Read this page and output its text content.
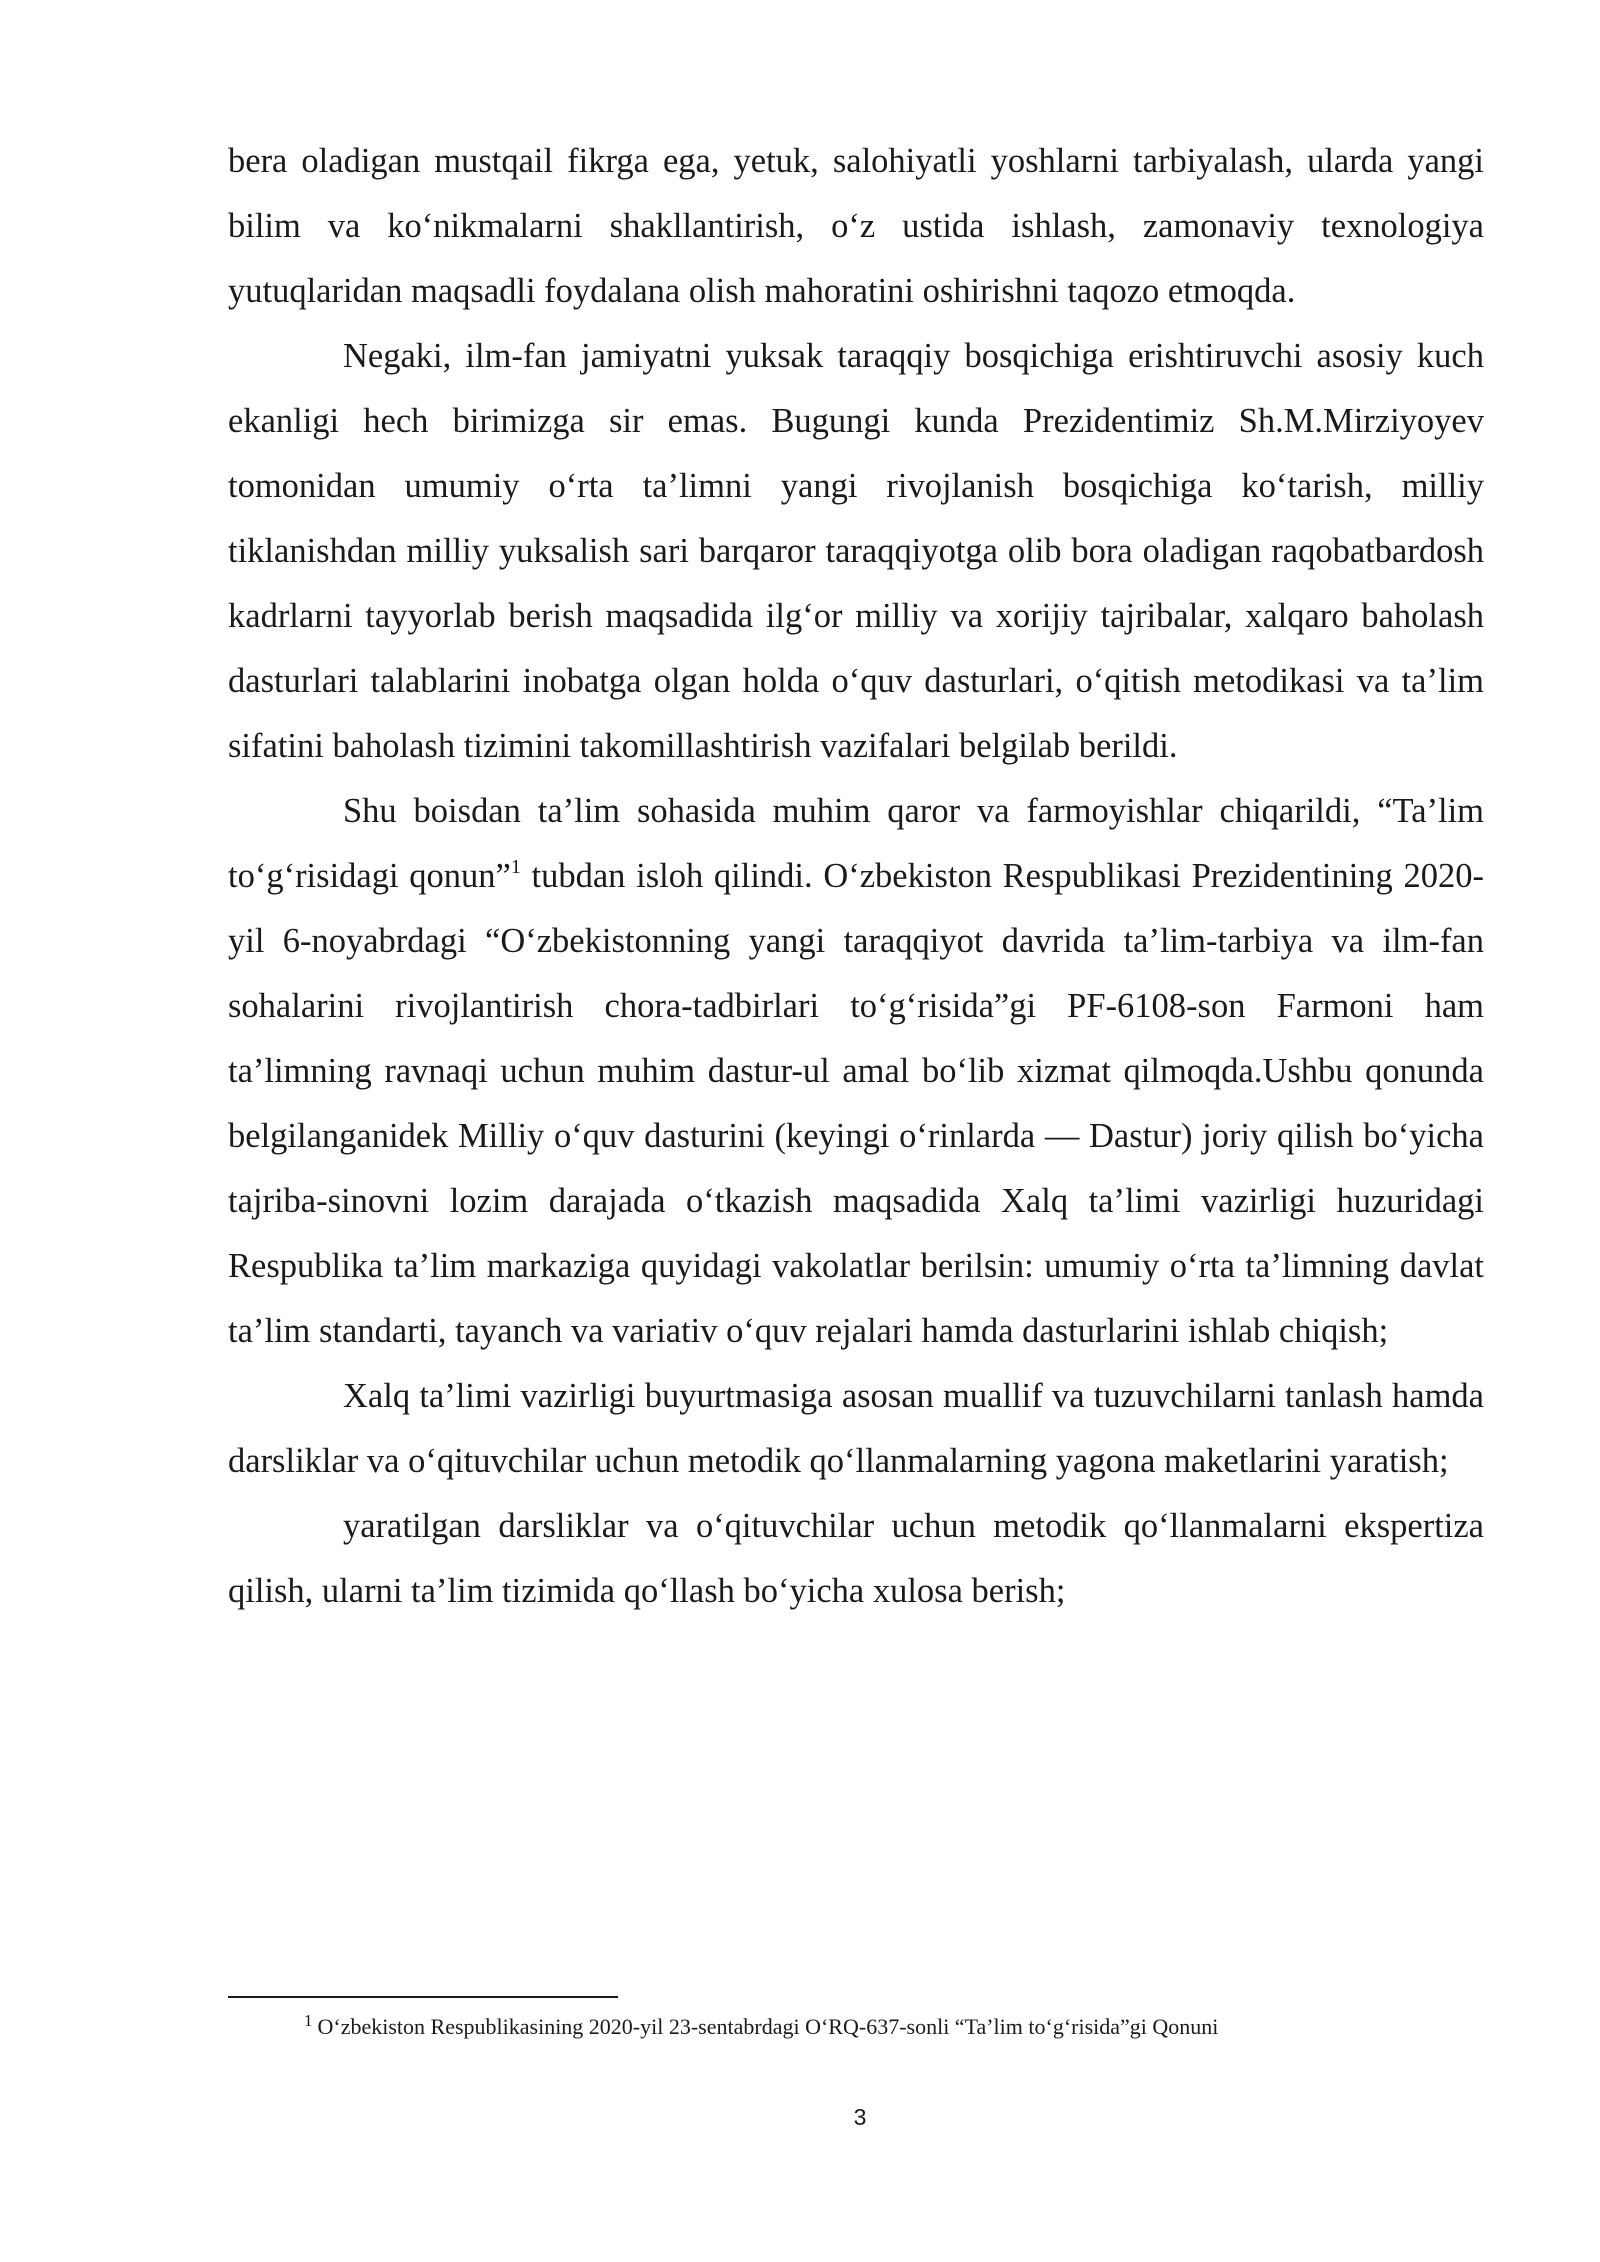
bera oladigan mustqail fikrga ega, yetuk, salohiyatli yoshlarni tarbiyalash, ularda yangi bilim va ko‘nikmalarni shakllantirish, o‘z ustida ishlash, zamonaviy texnologiya yutuqlaridan maqsadli foydalana olish mahoratini oshirishni taqozo etmoqda.

Negaki, ilm-fan jamiyatni yuksak taraqqiy bosqichiga erishtiruvchi asosiy kuch ekanligi hech birimizga sir emas. Bugungi kunda Prezidentimiz Sh.M.Mirziyoyev tomonidan umumiy o‘rta ta’limni yangi rivojlanish bosqichiga ko‘tarish, milliy tiklanishdan milliy yuksalish sari barqaror taraqqiyotga olib bora oladigan raqobatbardosh kadrlarni tayyorlab berish maqsadida ilg‘or milliy va xorijiy tajribalar, xalqaro baholash dasturlari talablarini inobatga olgan holda o‘quv dasturlari, o‘qitish metodikasi va ta’lim sifatini baholash tizimini takomillashtirish vazifalari belgilab berildi.

Shu boisdan ta’lim sohasida muhim qaror va farmoyishlar chiqarildi, “Ta’lim to‘g‘risidagi qonun”$^1$ tubdan isloh qilindi. O‘zbekiston Respublikasi Prezidentining 2020-yil 6-noyabrdagi “O‘zbekistonning yangi taraqqiyot davrida ta’lim-tarbiya va ilm-fan sohalarini rivojlantirish chora-tadbirlari to‘g‘risida”gi PF-6108-son Farmoni ham ta’limning ravnaqi uchun muhim dastur-ul amal bo‘lib xizmat qilmoqda.Ushbu qonunda belgilanganidek Milliy o‘quv dasturini (keyingi o‘rinlarda — Dastur) joriy qilish bo‘yicha tajriba-sinovni lozim darajada o‘tkazish maqsadida Xalq ta’limi vazirligi huzuridagi Respublika ta’lim markaziga quyidagi vakolatlar berilsin: umumiy o‘rta ta’limning davlat ta’lim standarti, tayanch va variativ o‘quv rejalari hamda dasturlarini ishlab chiqish;

Xalq ta’limi vazirligi buyurtmasiga asosan muallif va tuzuvchilarni tanlash hamda darsliklar va o‘qituvchilar uchun metodik qo‘llanmalarning yagona maketlarini yaratish;

yaratilgan darsliklar va o‘qituvchilar uchun metodik qo‘llanmalarni ekspertiza qilish, ularni ta’lim tizimida qo‘llash bo‘yicha xulosa berish;

$^1$ O‘zbekiston Respublikasining 2020-yil 23-sentabrdagi O‘RQ-637-sonli “Ta’lim to‘g‘risida”gi Qonuni
3
